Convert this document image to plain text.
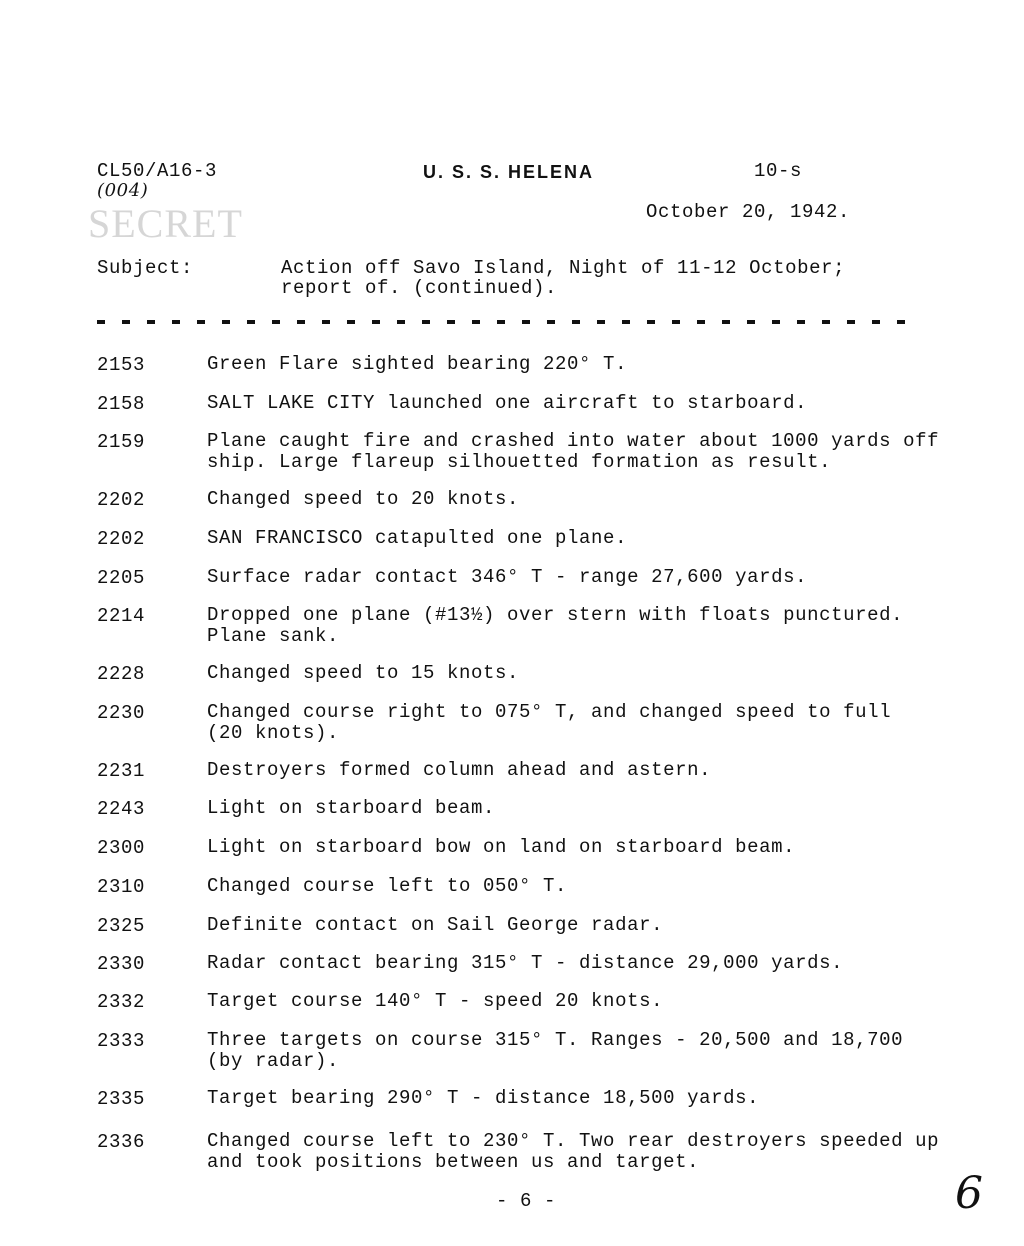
CL50/A16-3
(004)
SECRET
U. S. S. HELENA	10-s
October 20, 1942.
Subject:	Action off Savo Island, Night of 11-12 October;
report of. (continued).
2153	Green Flare sighted bearing 220° T.
2158	SALT LAKE CITY launched one aircraft to starboard.
2159	Plane caught fire and crashed into water about 1000 yards off
ship. Large flareup silhouetted formation as result.
2202	Changed speed to 20 knots.
2202	SAN FRANCISCO catapulted one plane.
2205	Surface radar contact 346° T - range 27,600 yards.
2214	Dropped one plane (#13½) over stern with floats punctured.
Plane sank.
2228	Changed speed to 15 knots.
2230	Changed course right to 075° T, and changed speed to full
(20 knots).
2231	Destroyers formed column ahead and astern.
2243	Light on starboard beam.
2300	Light on starboard bow on land on starboard beam.
2310	Changed course left to 050° T.
2325	Definite contact on Sail George radar.
2330	Radar contact bearing 315° T - distance 29,000 yards.
2332	Target course 140° T - speed 20 knots.
2333	Three targets on course 315° T. Ranges - 20,500 and 18,700
(by radar).
2335	Target bearing 290° T - distance 18,500 yards.
2336	Changed course left to 230° T. Two rear destroyers speeded up
and took positions between us and target.
- 6 -	6
